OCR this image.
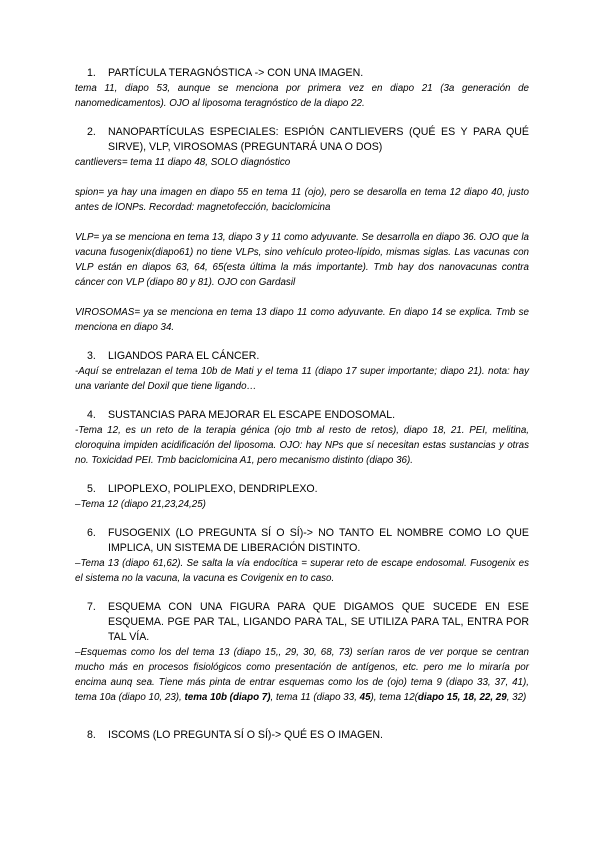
1. PARTÍCULA TERAGNÓSTICA -> CON UNA IMAGEN.

tema 11, diapo 53, aunque se menciona por primera vez en diapo 21 (3a generación de nanomedicamentos). OJO al liposoma teragnóstico de la diapo 22.

2. NANOPARTÍCULAS ESPECIALES: ESPIÓN CANTLIEVERS (QUÉ ES Y PARA QUÉ SIRVE), VLP, VIROSOMAS (PREGUNTARÁ UNA O DOS)

cantlievers= tema 11 diapo 48, SOLO diagnóstico

spion= ya hay una imagen en diapo 55 en tema 11 (ojo), pero se desarolla en tema 12 diapo 40, justo antes de lONPs. Recordad: magnetofección, baciclomicina

VLP= ya se menciona en tema 13, diapo 3 y 11 como adyuvante. Se desarrolla en diapo 36. OJO que la vacuna fusogenix(diapo61) no tiene VLPs, sino vehículo proteo-lípido, mismas siglas. Las vacunas con VLP están en diapos 63, 64, 65(esta última la más importante). Tmb hay dos nanovacunas contra cáncer con VLP (diapo 80 y 81). OJO con Gardasil

VIROSOMAS= ya se menciona en tema 13 diapo 11 como adyuvante. En diapo 14 se explica. Tmb se menciona en diapo 34.

3. LIGANDOS PARA EL CÁNCER.

-Aquí se entrelazan el tema 10b de Mati y el tema 11 (diapo 17 super importante; diapo 21). nota: hay una variante del Doxil que tiene ligando…

4. SUSTANCIAS PARA MEJORAR EL ESCAPE ENDOSOMAL.

-Tema 12, es un reto de la terapia génica (ojo tmb al resto de retos), diapo 18, 21. PEI, melitina, cloroquina impiden acidificación del liposoma. OJO: hay NPs que sí necesitan estas sustancias y otras no. Toxicidad PEI. Tmb baciclomicina A1, pero mecanismo distinto (diapo 36).

5. LIPOPLEXO, POLIPLEXO, DENDRIPLEXO.

–Tema 12 (diapo 21,23,24,25)

6. FUSOGENIX (LO PREGUNTA SÍ O SÍ)-> NO TANTO EL NOMBRE COMO LO QUE IMPLICA, UN SISTEMA DE LIBERACIÓN DISTINTO.

–Tema 13 (diapo 61,62). Se salta la vía endocítica = superar reto de escape endosomal. Fusogenix es el sistema no la vacuna, la vacuna es Covigenix en to caso.

7. ESQUEMA CON UNA FIGURA PARA QUE DIGAMOS QUE SUCEDE EN ESE ESQUEMA. PGE PAR TAL, LIGANDO PARA TAL, SE UTILIZA PARA TAL, ENTRA POR TAL VÍA.

–Esquemas como los del tema 13 (diapo 15,, 29, 30, 68, 73) serían raros de ver porque se centran mucho más en procesos fisiológicos como presentación de antígenos, etc. pero me lo miraría por encima aunq sea. Tiene más pinta de entrar esquemas como los de (ojo) tema 9 (diapo 33, 37, 41), tema 10a (diapo 10, 23), tema 10b (diapo 7), tema 11 (diapo 33, 45), tema 12(diapo 15, 18, 22, 29, 32)

8. ISCOMS (LO PREGUNTA SÍ O SÍ)-> QUÉ ES O IMAGEN.
